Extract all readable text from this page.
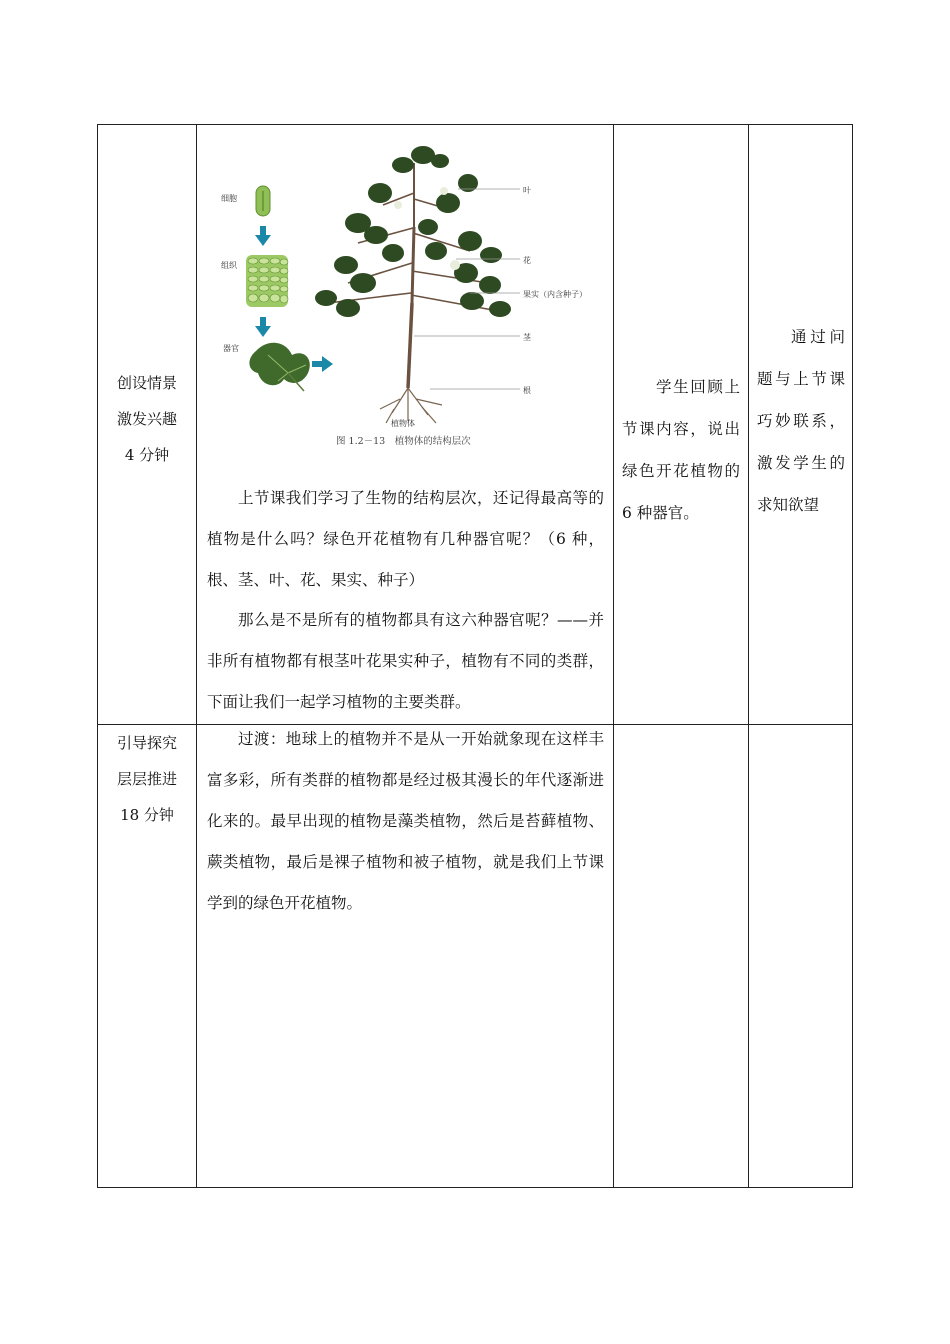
创设情景
激发兴趣
4 分钟
细胞
组织
器官
叶
花
果实（内含种子）
茎
根
植物体
图 1.2－13　植物体的结构层次
上节课我们学习了生物的结构层次，还记得最高等的植物是什么吗？绿色开花植物有几种器官呢？（6 种，根、茎、叶、花、果实、种子）
那么是不是所有的植物都具有这六种器官呢？——并非所有植物都有根茎叶花果实种子，植物有不同的类群，下面让我们一起学习植物的主要类群。
学生回顾上节课内容，说出绿色开花植物的 6 种器官。
通过问题与上节课巧妙联系，激发学生的求知欲望
引导探究
层层推进
18 分钟
过渡：地球上的植物并不是从一开始就象现在这样丰富多彩，所有类群的植物都是经过极其漫长的年代逐渐进化来的。最早出现的植物是藻类植物，然后是苔藓植物、蕨类植物，最后是裸子植物和被子植物，就是我们上节课学到的绿色开花植物。
